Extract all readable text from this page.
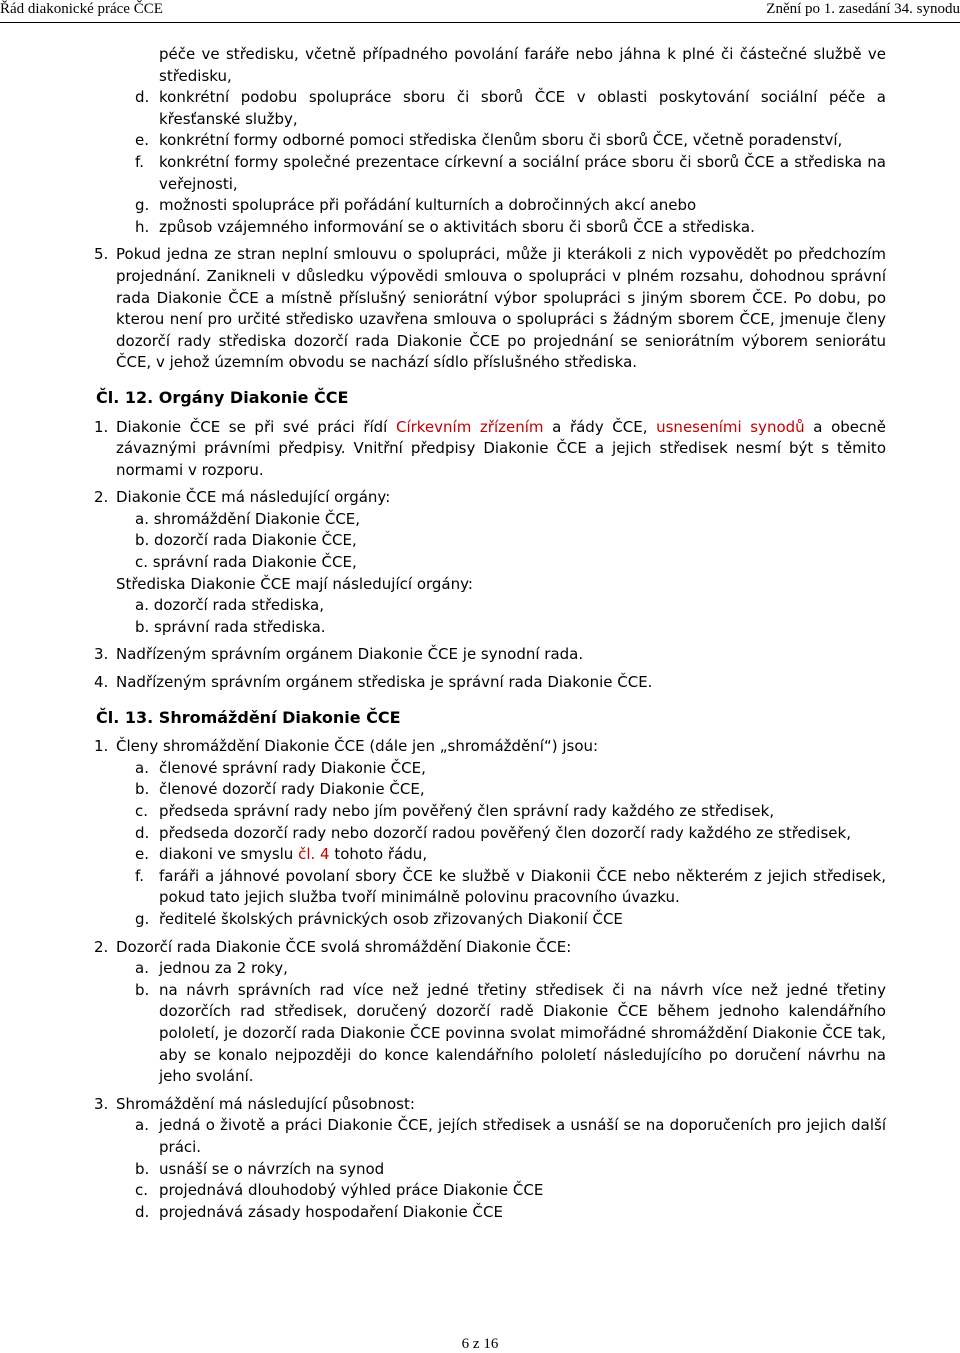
Řád diakonické práce ČCE	Znění po 1. zasedání 34. synodu
péče ve středisku, včetně případného povolání faráře nebo jáhna k plné či částečné službě ve středisku,
d. konkrétní podobu spolupráce sboru či sborů ČCE v oblasti poskytování sociální péče a křesťanské služby,
e. konkrétní formy odborné pomoci střediska členům sboru či sborů ČCE, včetně poradenství,
f. konkrétní formy společné prezentace církevní a sociální práce sboru či sborů ČCE a střediska na veřejnosti,
g. možnosti spolupráce při pořádání kulturních a dobročinných akcí anebo
h. způsob vzájemného informování se o aktivitách sboru či sborů ČCE a střediska.
5. Pokud jedna ze stran neplní smlouvu o spolupráci, může ji kterákoli z nich vypovědět po předchozím projednání. Zanikneli v důsledku výpovědi smlouva o spolupráci v plném rozsahu, dohodnou správní rada Diakonie ČCE a místně příslušný seniorátní výbor spolupráci s jiným sborem ČCE. Po dobu, po kterou není pro určité středisko uzavřena smlouva o spolupráci s žádným sborem ČCE, jmenuje členy dozorčí rady střediska dozorčí rada Diakonie ČCE po projednání se seniorátním výborem seniorátu ČCE, v jehož územním obvodu se nachází sídlo příslušného střediska.
Čl. 12. Orgány Diakonie ČCE
1. Diakonie ČCE se při své práci řídí Církevním zřízením a řády ČCE, usneseními synodů a obecně závaznými právními předpisy. Vnitřní předpisy Diakonie ČCE a jejich středisek nesmí být s těmito normami v rozporu.
2. Diakonie ČCE má následující orgány:
a. shromáždění Diakonie ČCE,
b. dozorčí rada Diakonie ČCE,
c. správní rada Diakonie ČCE,
Střediska Diakonie ČCE mají následující orgány:
a. dozorčí rada střediska,
b. správní rada střediska.
3. Nadřízeným správním orgánem Diakonie ČCE je synodní rada.
4. Nadřízeným správním orgánem střediska je správní rada Diakonie ČCE.
Čl. 13. Shromáždění Diakonie ČCE
1. Členy shromáždění Diakonie ČCE (dále jen „shromáždění“) jsou:
a. členové správní rady Diakonie ČCE,
b. členové dozorčí rady Diakonie ČCE,
c. předseda správní rady nebo jím pověřený člen správní rady každého ze středisek,
d. předseda dozorčí rady nebo dozorčí radou pověřený člen dozorčí rady každého ze středisek,
e. diakoni ve smyslu čl. 4 tohoto řádu,
f. faráři a jáhnové povolaní sbory ČCE ke službě v Diakonii ČCE nebo některém z jejich středisek, pokud tato jejich služba tvoří minimálně polovinu pracovního úvazku.
g. ředitelé školských právnických osob zřizovaných Diakonií ČCE
2. Dozorčí rada Diakonie ČCE svolá shromáždění Diakonie ČCE:
a. jednou za 2 roky,
b. na návrh správních rad více než jedné třetiny středisek či na návrh více než jedné třetiny dozorčích rad středisek, doručený dozorčí radě Diakonie ČCE během jednoho kalendářního pololetí, je dozorčí rada Diakonie ČCE povinna svolat mimořádné shromáždění Diakonie ČCE tak, aby se konalo nejpozději do konce kalendářního pololetí následujícího po doručení návrhu na jeho svolání.
3. Shromáždění má následující působnost:
a. jedná o životě a práci Diakonie ČCE, jejích středisek a usnáší se na doporučeních pro jejich další práci.
b. usnáší se o návrzích na synod
c. projednává dlouhodobý výhled práce Diakonie ČCE
d. projednává zásady hospodaření Diakonie ČCE
6 z 16
